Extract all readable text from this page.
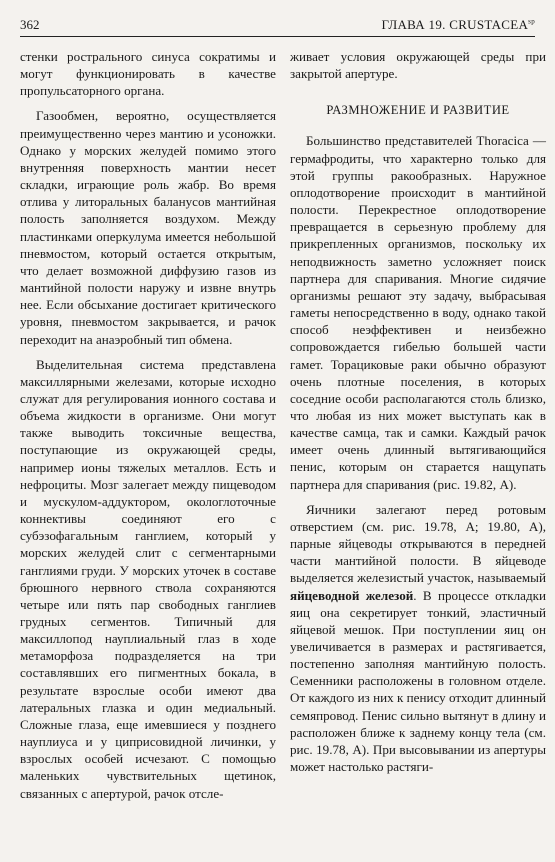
362	ГЛАВА 19. $CRUSTACEA^{sp}$

стенки рострального синуса сократимы и могут функционировать в качестве пропульсаторного органа.

Газообмен, вероятно, осуществляется преимущественно через мантию и усоножки. Однако у морских желудей помимо этого внутренняя поверхность мантии несет складки, играющие роль жабр. Во время отлива у литоральных баланусов мантийная полость заполняется воздухом. Между пластинками оперкулума имеется небольшой пневмостом, который остается открытым, что делает возможной диффузию газов из мантийной полости наружу и извне внутрь нее. Если обсыхание достигает критического уровня, пневмостом закрывается, и рачок переходит на анаэробный тип обмена.

Выделительная система представлена максиллярными железами, которые исходно служат для регулирования ионного состава и объема жидкости в организме. Они могут также выводить токсичные вещества, поступающие из окружающей среды, например ионы тяжелых металлов. Есть и нефроциты. Мозг залегает между пищеводом и мускулом-аддуктором, окологлоточные коннективы соединяют его с субэзофагальным ганглием, который у морских желудей слит с сегментарными ганглиями груди. У морских уточек в составе брюшного нервного ствола сохраняются четыре или пять пар свободных ганглиев грудных сегментов. Типичный для максиллопод науплиальный глаз в ходе метаморфоза подразделяется на три составлявших его пигментных бокала, в результате взрослые особи имеют два латеральных глазка и один медиальный. Сложные глаза, еще имевшиеся у позднего науплиуса и у циприсовидной личинки, у взрослых особей исчезают. С помощью маленьких чувствительных щетинок, связанных с апертурой, рачок отсле-

живает условия окружающей среды при закрытой апертуре.

РАЗМНОЖЕНИЕ И РАЗВИТИЕ

Большинство представителей Thoracica — гермафродиты, что характерно только для этой группы ракообразных. Наружное оплодотворение происходит в мантийной полости. Перекрестное оплодотворение превращается в серьезную проблему для прикрепленных организмов, поскольку их неподвижность заметно усложняет поиск партнера для спаривания. Многие сидячие организмы решают эту задачу, выбрасывая гаметы непосредственно в воду, однако такой способ неэффективен и неизбежно сопровождается гибелью большей части гамет. Торациковые раки обычно образуют очень плотные поселения, в которых соседние особи располагаются столь близко, что любая из них может выступать как в качестве самца, так и самки. Каждый рачок имеет очень длинный вытягивающийся пенис, которым он старается нащупать партнера для спаривания (рис. 19.82, А).

Яичники залегают перед ротовым отверстием (см. рис. 19.78, А; 19.80, А), парные яйцеводы открываются в передней части мантийной полости. В яйцеводе выделяется железистый участок, называемый яйцеводной железой. В процессе откладки яиц она секретирует тонкий, эластичный яйцевой мешок. При поступлении яиц он увеличивается в размерах и растягивается, постепенно заполняя мантийную полость. Семенники расположены в головном отделе. От каждого из них к пенису отходит длинный семяпровод. Пенис сильно вытянут в длину и расположен ближе к заднему концу тела (см. рис. 19.78, А). При высовывании из апертуры может настолько растяги-
